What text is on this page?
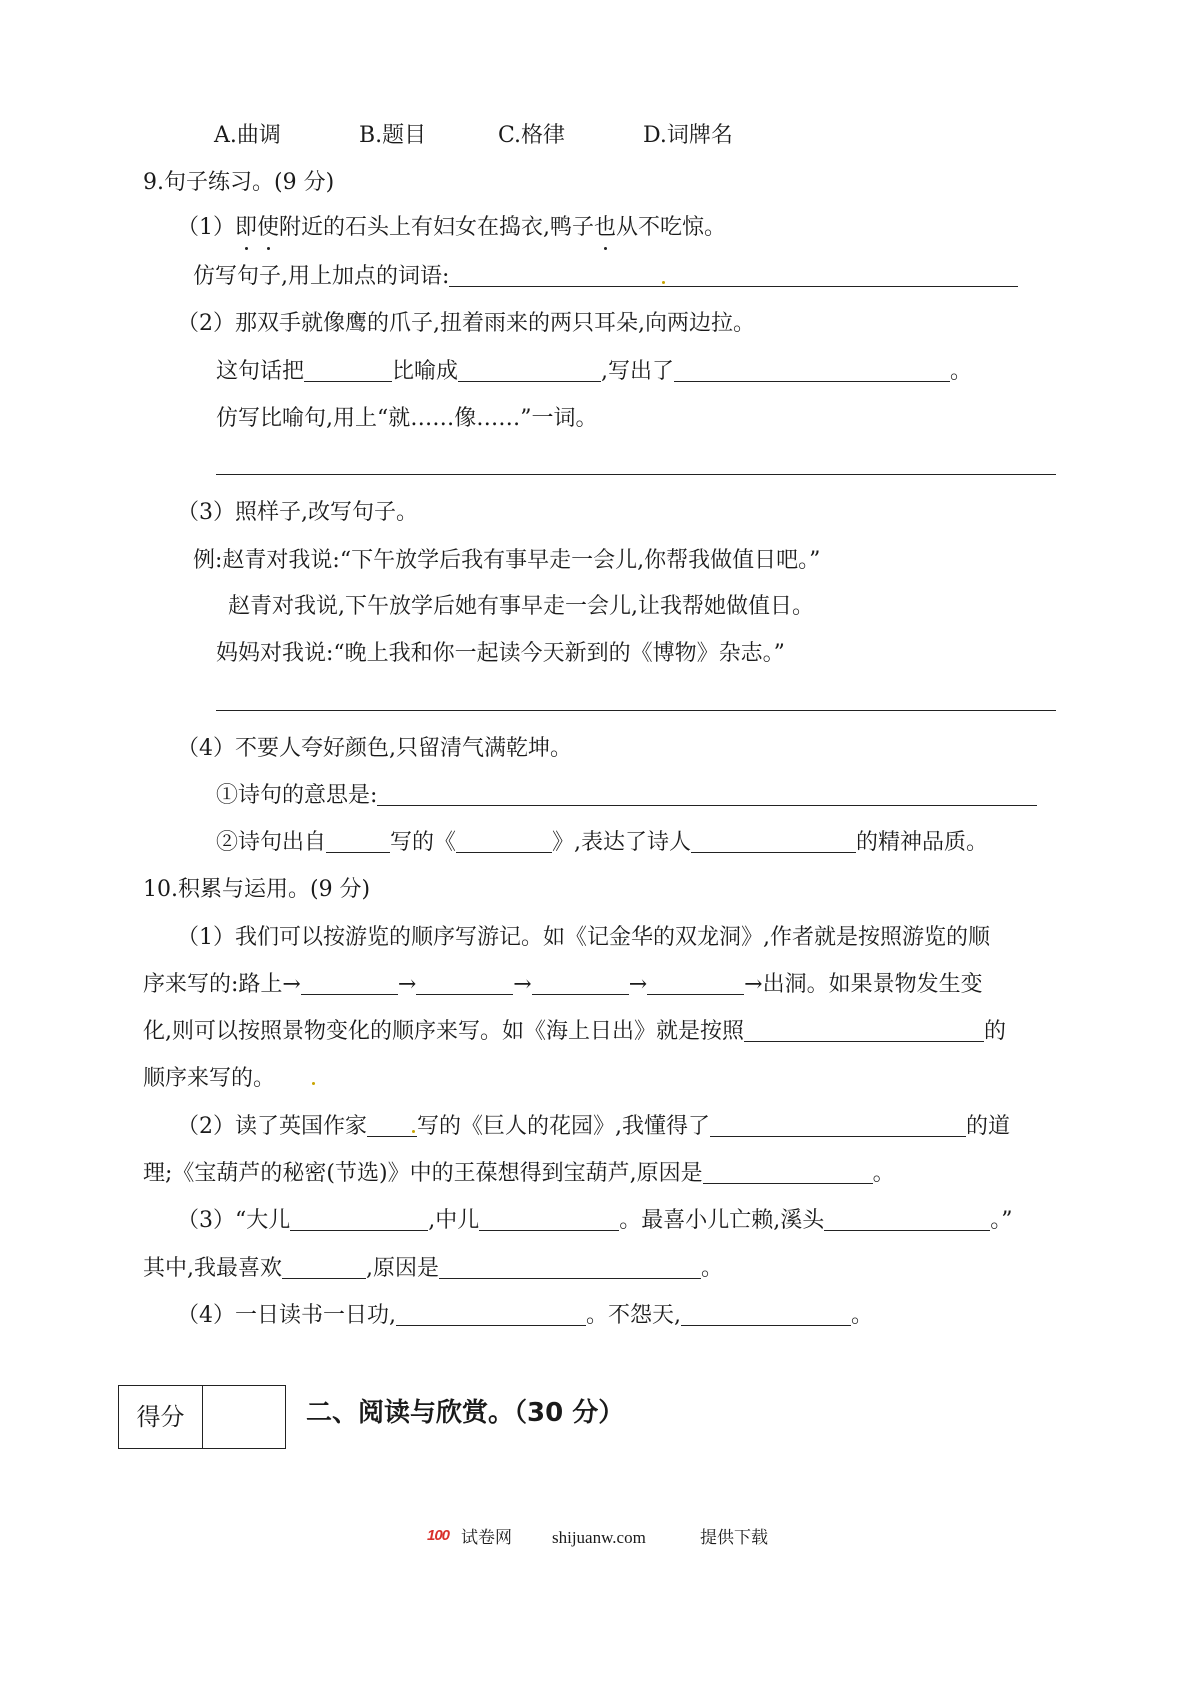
A.曲调	B.题目	C.格律	D.词牌名
9.句子练习。(9 分)
（1）即使附近的石头上有妇女在捣衣,鸭子也从不吃惊。
仿写句子,用上加点的词语:
（2）那双手就像鹰的爪子,扭着雨来的两只耳朵,向两边拉。
这句话把	比喻成	,写出了	。
仿写比喻句,用上“就……像……”一词。
（3）照样子,改写句子。
例:赵青对我说:“下午放学后我有事早走一会儿,你帮我做值日吧。”
赵青对我说,下午放学后她有事早走一会儿,让我帮她做值日。
妈妈对我说:“晚上我和你一起读今天新到的《博物》杂志。”
（4）不要人夸好颜色,只留清气满乾坤。
①诗句的意思是:
②诗句出自	写的《	》,表达了诗人	的精神品质。
10.积累与运用。(9 分)
（1）我们可以按游览的顺序写游记。如《记金华的双龙洞》,作者就是按照游览的顺
序来写的:路上→	→	→	→	→出洞。如果景物发生变
化,则可以按照景物变化的顺序来写。如《海上日出》就是按照	的
顺序来写的。
（2）读了英国作家 写的《巨人的花园》,我懂得了	的道
理;《宝葫芦的秘密(节选)》中的王葆想得到宝葫芦,原因是	。
（3）“大儿	,中儿	。最喜小儿亡赖,溪头	。”
其中,我最喜欢	,原因是	。
（4）一日读书一日功,	。不怨天,	。
得分	二、阅读与欣赏。（30 分）
100 试卷网 shijuanw.com	提供下载
